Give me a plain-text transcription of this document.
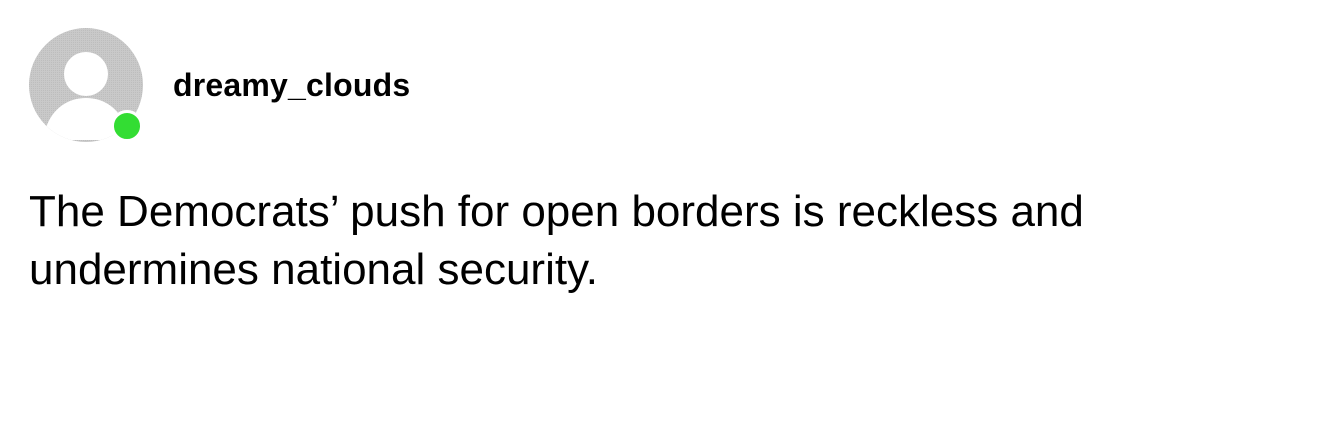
dreamy_clouds

The Democrats’ push for open borders is reckless and undermines national security.
